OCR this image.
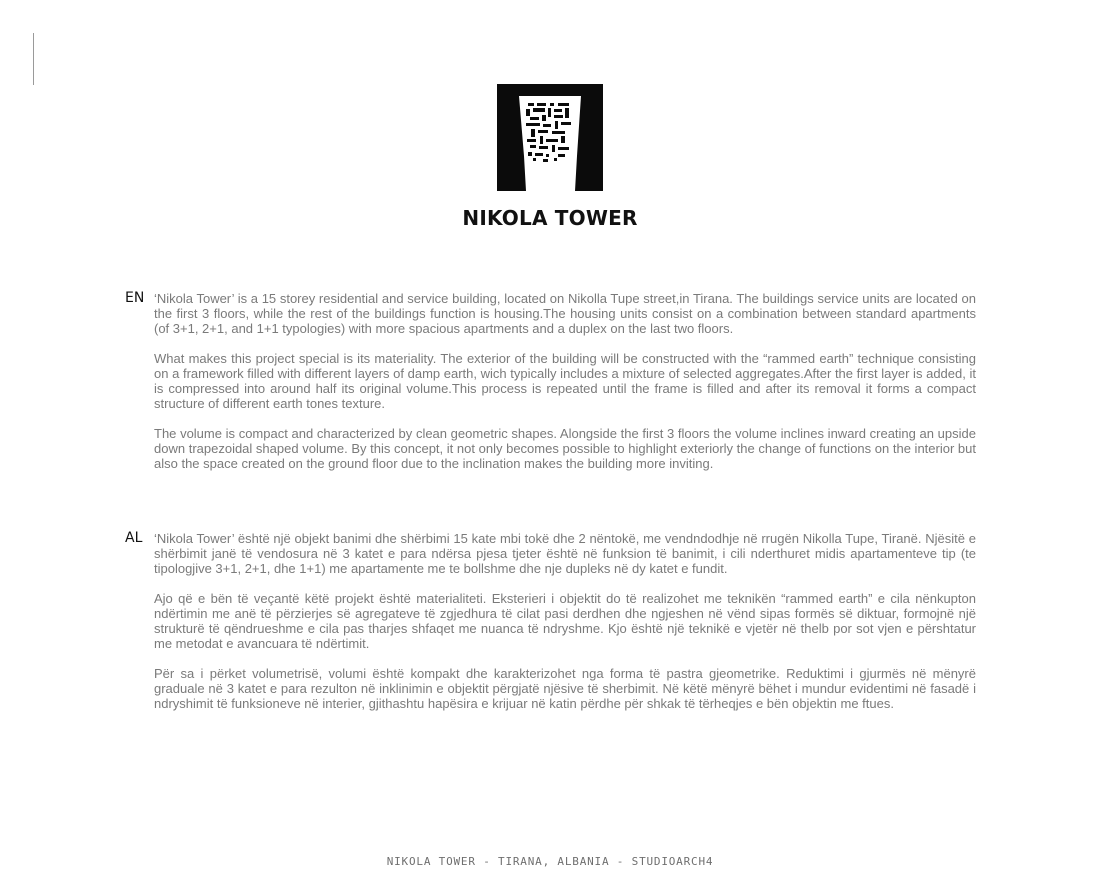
NIKOLA TOWER
EN ‘Nikola Tower’ is a 15 storey residential and service building, located on Nikolla Tupe street,in Tirana. The buildings service units are located on the first 3 floors, while the rest of the buildings function is housing.The housing units consist on a combination between standard apartments (of 3+1, 2+1, and 1+1 typologies) with more spacious apartments and a duplex on the last two floors.

What makes this project special is its materiality. The exterior of the building will be constructed with the “rammed earth” technique consisting on a framework filled with different layers of damp earth, wich typically includes a mixture of selected aggregates.After the first layer is added, it is compressed into around half its original volume.This process is repeated until the frame is filled and after its removal it forms a compact structure of different earth tones texture.

The volume is compact and characterized by clean geometric shapes. Alongside the first 3 floors the volume inclines inward creating an upside down trapezoidal shaped volume. By this concept, it not only becomes possible to highlight exteriorly the change of functions on the interior but also the space created on the ground floor due to the inclination makes the building more inviting.

AL ‘Nikola Tower’ është një objekt banimi dhe shërbimi 15 kate mbi tokë dhe 2 nëntokë, me vendndodhje në rrugën Nikolla Tupe, Tiranë. Njësitë e shërbimit janë të vendosura në 3 katet e para ndërsa pjesa tjeter është në funksion të banimit, i cili nderthuret midis apartamenteve tip (te tipologjive 3+1, 2+1, dhe 1+1) me apartamente me te bollshme dhe nje dupleks në dy katet e fundit.

Ajo që e bën të veçantë këtë projekt është materialiteti. Eksterieri i objektit do të realizohet me teknikën “rammed earth” e cila nënkupton ndërtimin me anë të përzierjes së agregateve të zgjedhura të cilat pasi derdhen dhe ngjeshen në vënd sipas formës së diktuar, formojnë një strukturë të qëndrueshme e cila pas tharjes shfaqet me nuanca të ndryshme. Kjo është një teknikë e vjetër në thelb por sot vjen e përshtatur me metodat e avancuara të ndërtimit.

Për sa i përket volumetrisë, volumi është kompakt dhe karakterizohet nga forma të pastra gjeometrike. Reduktimi i gjurmës në mënyrë graduale në 3 katet e para rezulton në inklinimin e objektit përgjatë njësive të sherbimit. Në këtë mënyrë bëhet i mundur evidentimi në fasadë i ndryshimit të funksioneve në interier, gjithashtu hapësira e krijuar në katin përdhe për shkak të tërheqjes e bën objektin me ftues.

NIKOLA TOWER - TIRANA, ALBANIA - STUDIOARCH4
